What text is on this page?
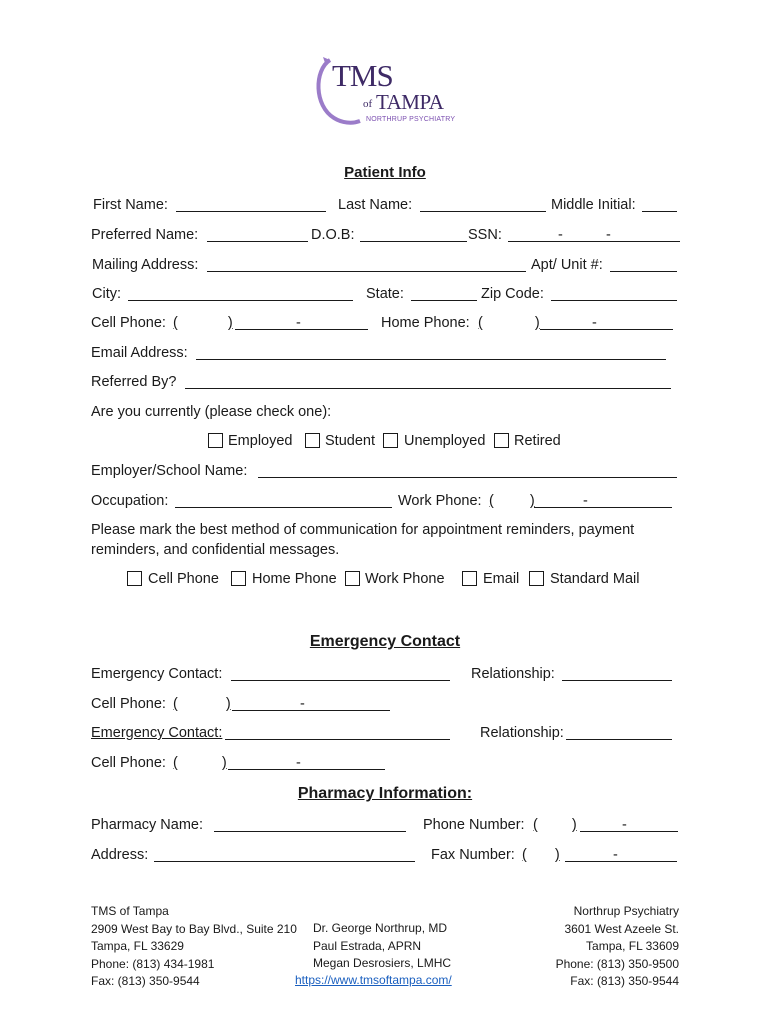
TMS
of TAMPA
NORTHRUP PSYCHIATRY
Patient Info
First Name:	Last Name:	Middle Initial:
Preferred Name:	D.O.B:	SSN:	-	-
Mailing Address:	Apt/ Unit #:
City:	State:	Zip Code:
Cell Phone: (	)	-	Home Phone: (	)	-
Email Address:
Referred By?
Are you currently (please check one):
Employed Student Unemployed Retired
Employer/School Name:
Occupation:	Work Phone: ( )	-
Please mark the best method of communication for appointment reminders, payment
reminders, and confidential messages.
Cell Phone Home Phone Work Phone	Email Standard Mail
Emergency Contact
Emergency Contact:	Relationship:
Cell Phone: (	)	-
Emergency Contact:	Relationship:
Cell Phone: (	)	-
Pharmacy Information:
Pharmacy Name:	Phone Number: ( )	-
Address:	Fax Number: ( )	-
TMS of Tampa
2909 West Bay to Bay Blvd., Suite 210
Tampa, FL 33629
Phone: (813) 434-1981
Fax: (813) 350-9544
Dr. George Northrup, MD
Paul Estrada, APRN
Megan Desrosiers, LMHC
https://www.tmsoftampa.com/
Northrup Psychiatry
3601 West Azeele St.
Tampa, FL 33609
Phone: (813) 350-9500
Fax: (813) 350-9544
